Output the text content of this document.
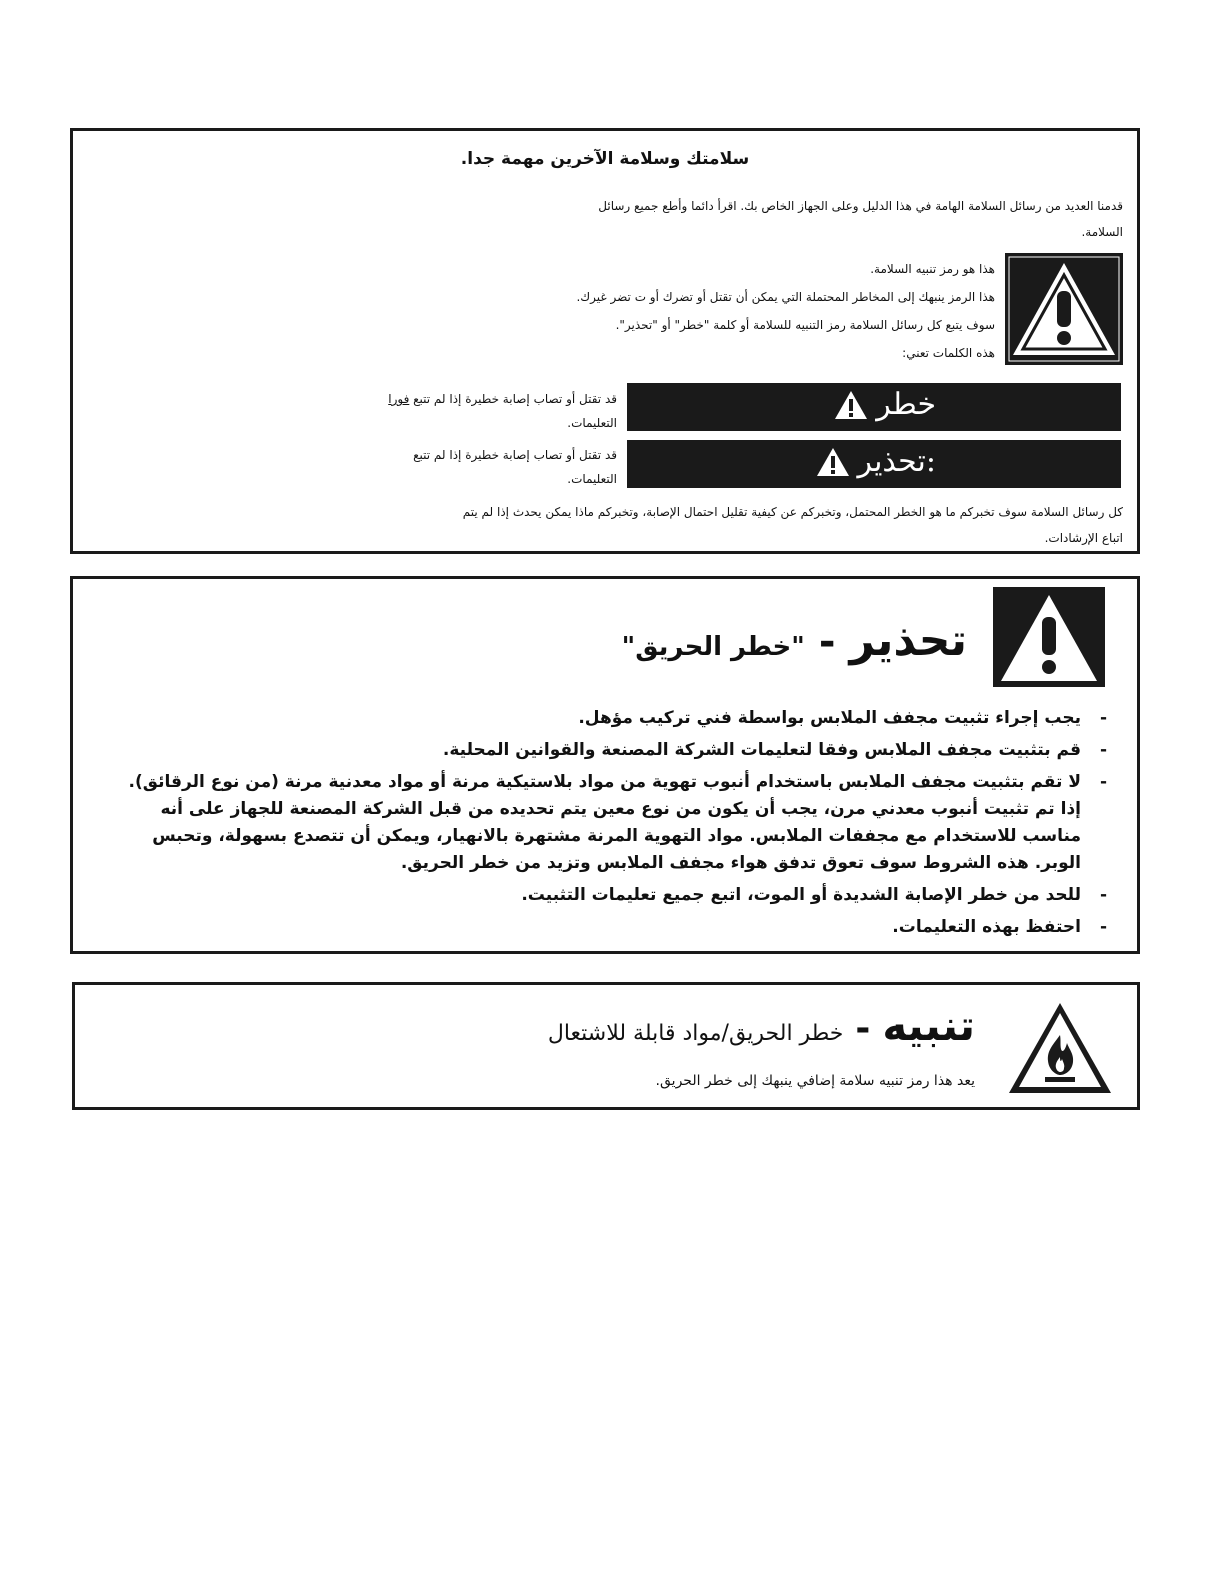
سلامتك وسلامة الآخرين مهمة جدا.
قدمنا العديد من رسائل السلامة الهامة في هذا الدليل وعلى الجهاز الخاص بك. اقرأ دائما وأطع جميع رسائل السلامة.
هذا هو رمز تنبيه السلامة.
هذا الرمز ينبهك إلى المخاطر المحتملة التي يمكن أن تقتل أو تضرك أو ت تضر غيرك.
سوف يتبع كل رسائل السلامة رمز التنبيه للسلامة أو كلمة "خطر" أو "تحذير".
هذه الكلمات تعني:
خطر
قد تقتل أو تصاب إصابة خطيرة إذا لم تتبع فورا
التعليمات.
:تحذير
قد تقتل أو تصاب إصابة خطيرة إذا لم تتبع التعليمات.
كل رسائل السلامة سوف تخبركم ما هو الخطر المحتمل، وتخبركم عن كيفية تقليل احتمال الإصابة، وتخبركم ماذا يمكن يحدث إذا لم يتم اتباع الإرشادات.
تحذير
-
"خطر الحريق"
-
يجب إجراء تثبيت مجفف الملابس بواسطة فني تركيب مؤهل.
-
قم بتثبيت مجفف الملابس وفقا لتعليمات الشركة المصنعة والقوانين المحلية.
-
لا تقم بتثبيت مجفف الملابس باستخدام أنبوب تهوية من مواد بلاستيكية مرنة أو مواد معدنية مرنة (من نوع الرقائق). إذا تم تثبيت أنبوب معدني مرن، يجب أن يكون من نوع معين يتم تحديده من قبل الشركة المصنعة للجهاز على أنه مناسب للاستخدام مع مجففات الملابس. مواد التهوية المرنة مشتهرة بالانهيار، ويمكن أن تتصدع بسهولة، وتحبس الوبر. هذه الشروط سوف تعوق تدفق هواء مجفف الملابس وتزيد من خطر الحريق.
-
للحد من خطر الإصابة الشديدة أو الموت، اتبع جميع تعليمات التثبيت.
-
احتفظ بهذه التعليمات.
تنبيه
-
خطر الحريق/مواد قابلة للاشتعال
يعد هذا رمز تنبيه سلامة إضافي ينبهك إلى خطر الحريق.
